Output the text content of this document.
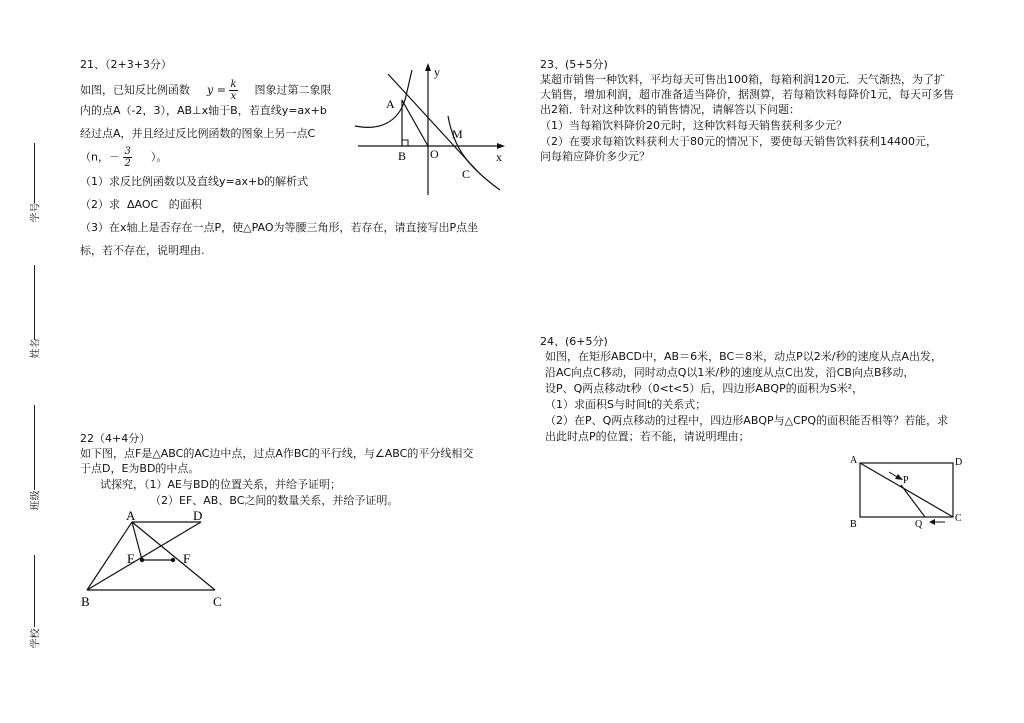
学号
姓名
班级
学校
21、（2+3+3分）
如图，已知反比例函数 $y = \frac{k}{x}$ 图象过第二象限
内的点A（-2，3），AB⊥x轴于B，若直线y=ax+b
经过点A，并且经过反比例函数的图象上另一点C
（n，－ $\frac{3}{2}$ ）。
（1）求反比例函数以及直线y=ax+b的解析式
（2）求 ΔAOC 的面积
（3）在x轴上是否存在一点P，使△PAO为等腰三角形，若存在，请直接写出P点坐
标，若不存在，说明理由.
y
x
A
B O
M
C
22（4+4分）
如下图，点F是△ABC的AC边中点，过点A作BC的平行线，与∠ABC的平分线相交
于点D，E为BD的中点。
试探究，（1）AE与BD的位置关系，并给予证明；
（2）EF、AB、BC之间的数量关系，并给予证明。
A	D
E	F
B	C
23、(5+5分)
某超市销售一种饮料，平均每天可售出100箱，每箱利润120元．天气渐热，为了扩
大销售，增加利润，超市准备适当降价，据测算，若每箱饮料每降价1元，每天可多售
出2箱．针对这种饮料的销售情况，请解答以下问题：
（1）当每箱饮料降价20元时，这种饮料每天销售获利多少元？
（2）在要求每箱饮料获利大于80元的情况下，要使每天销售饮料获利14400元，
问每箱应降价多少元？
24、(6+5分)
如图，在矩形ABCD中，AB＝6米，BC＝8米，动点P以2米/秒的速度从点A出发，
沿AC向点C移动，同时动点Q以1米/秒的速度从点C出发，沿CB向点B移动，
设P、Q两点移动t秒（0<t<5）后，四边形ABQP的面积为S米²，
（1）求面积S与时间t的关系式；
（2）在P、Q两点移动的过程中，四边形ABQP与△CPQ的面积能否相等？若能，求
出此时点P的位置；若不能，请说明理由；
A	D
P
B	Q
C
